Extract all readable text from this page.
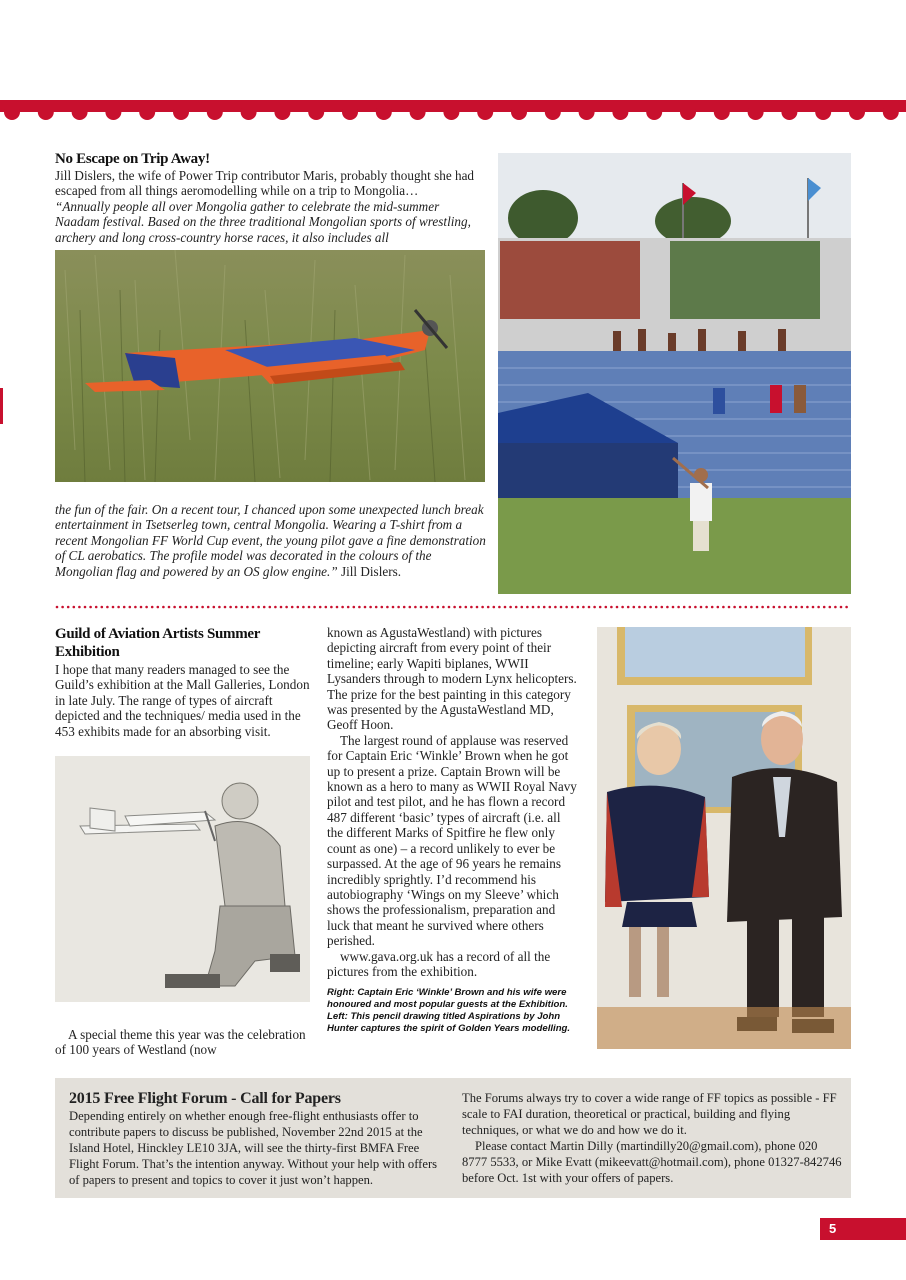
No Escape on Trip Away!

Jill Dislers, the wife of Power Trip contributor Maris, probably thought she had escaped from all things aeromodelling while on a trip to Mongolia…

“Annually people all over Mongolia gather to celebrate the mid-summer Naadam festival. Based on the three traditional Mongolian sports of wrestling, archery and long cross-country horse races, it also includes all

the fun of the fair. On a recent tour, I chanced upon some unexpected lunch break entertainment in Tsetserleg town, central Mongolia. Wearing a T-shirt from a recent Mongolian FF World Cup event, the young pilot gave a fine demonstration of CL aerobatics. The profile model was decorated in the colours of the Mongolian flag and powered by an OS glow engine.” Jill Dislers.

Guild of Aviation Artists Summer Exhibition

I hope that many readers managed to see the Guild’s exhibition at the Mall Galleries, London in late July. The range of types of aircraft depicted and the techniques/ media used in the 453 exhibits made for an absorbing visit.

A special theme this year was the celebration of 100 years of Westland (now

known as AgustaWestland) with pictures depicting aircraft from every point of their timeline; early Wapiti biplanes, WWII Lysanders through to modern Lynx helicopters. The prize for the best painting in this category was presented by the AgustaWestland MD, Geoff Hoon.

The largest round of applause was reserved for Captain Eric ‘Winkle’ Brown when he got up to present a prize. Captain Brown will be known as a hero to many as WWII Royal Navy pilot and test pilot, and he has flown a record 487 different ‘basic’ types of aircraft (i.e. all the different Marks of Spitfire he flew only count as one) – a record unlikely to ever be surpassed. At the age of 96 years he remains incredibly sprightly. I’d recommend his autobiography ‘Wings on my Sleeve’ which shows the professionalism, preparation and luck that meant he survived where others perished.

www.gava.org.uk has a record of all the pictures from the exhibition.

Right: Captain Eric ‘Winkle’ Brown and his wife were honoured and most popular guests at the Exhibition.

Left: This pencil drawing titled Aspirations by John Hunter captures the spirit of Golden Years modelling.

2015 Free Flight Forum - Call for Papers

Depending entirely on whether enough free-flight enthusiasts offer to contribute papers to discuss be published, November 22nd 2015 at the Island Hotel, Hinckley LE10 3JA, will see the thirty-first BMFA Free Flight Forum. That’s the intention anyway. Without your help with offers of papers to present and topics to cover it just won’t happen.

The Forums always try to cover a wide range of FF topics as possible - FF scale to FAI duration, theoretical or practical, building and flying techniques, or what we do and how we do it.

Please contact Martin Dilly (martindilly20@gmail.com), phone 020 8777 5533, or Mike Evatt (mikeevatt@hotmail.com), phone 01327-842746 before Oct. 1st with your offers of papers.

5
